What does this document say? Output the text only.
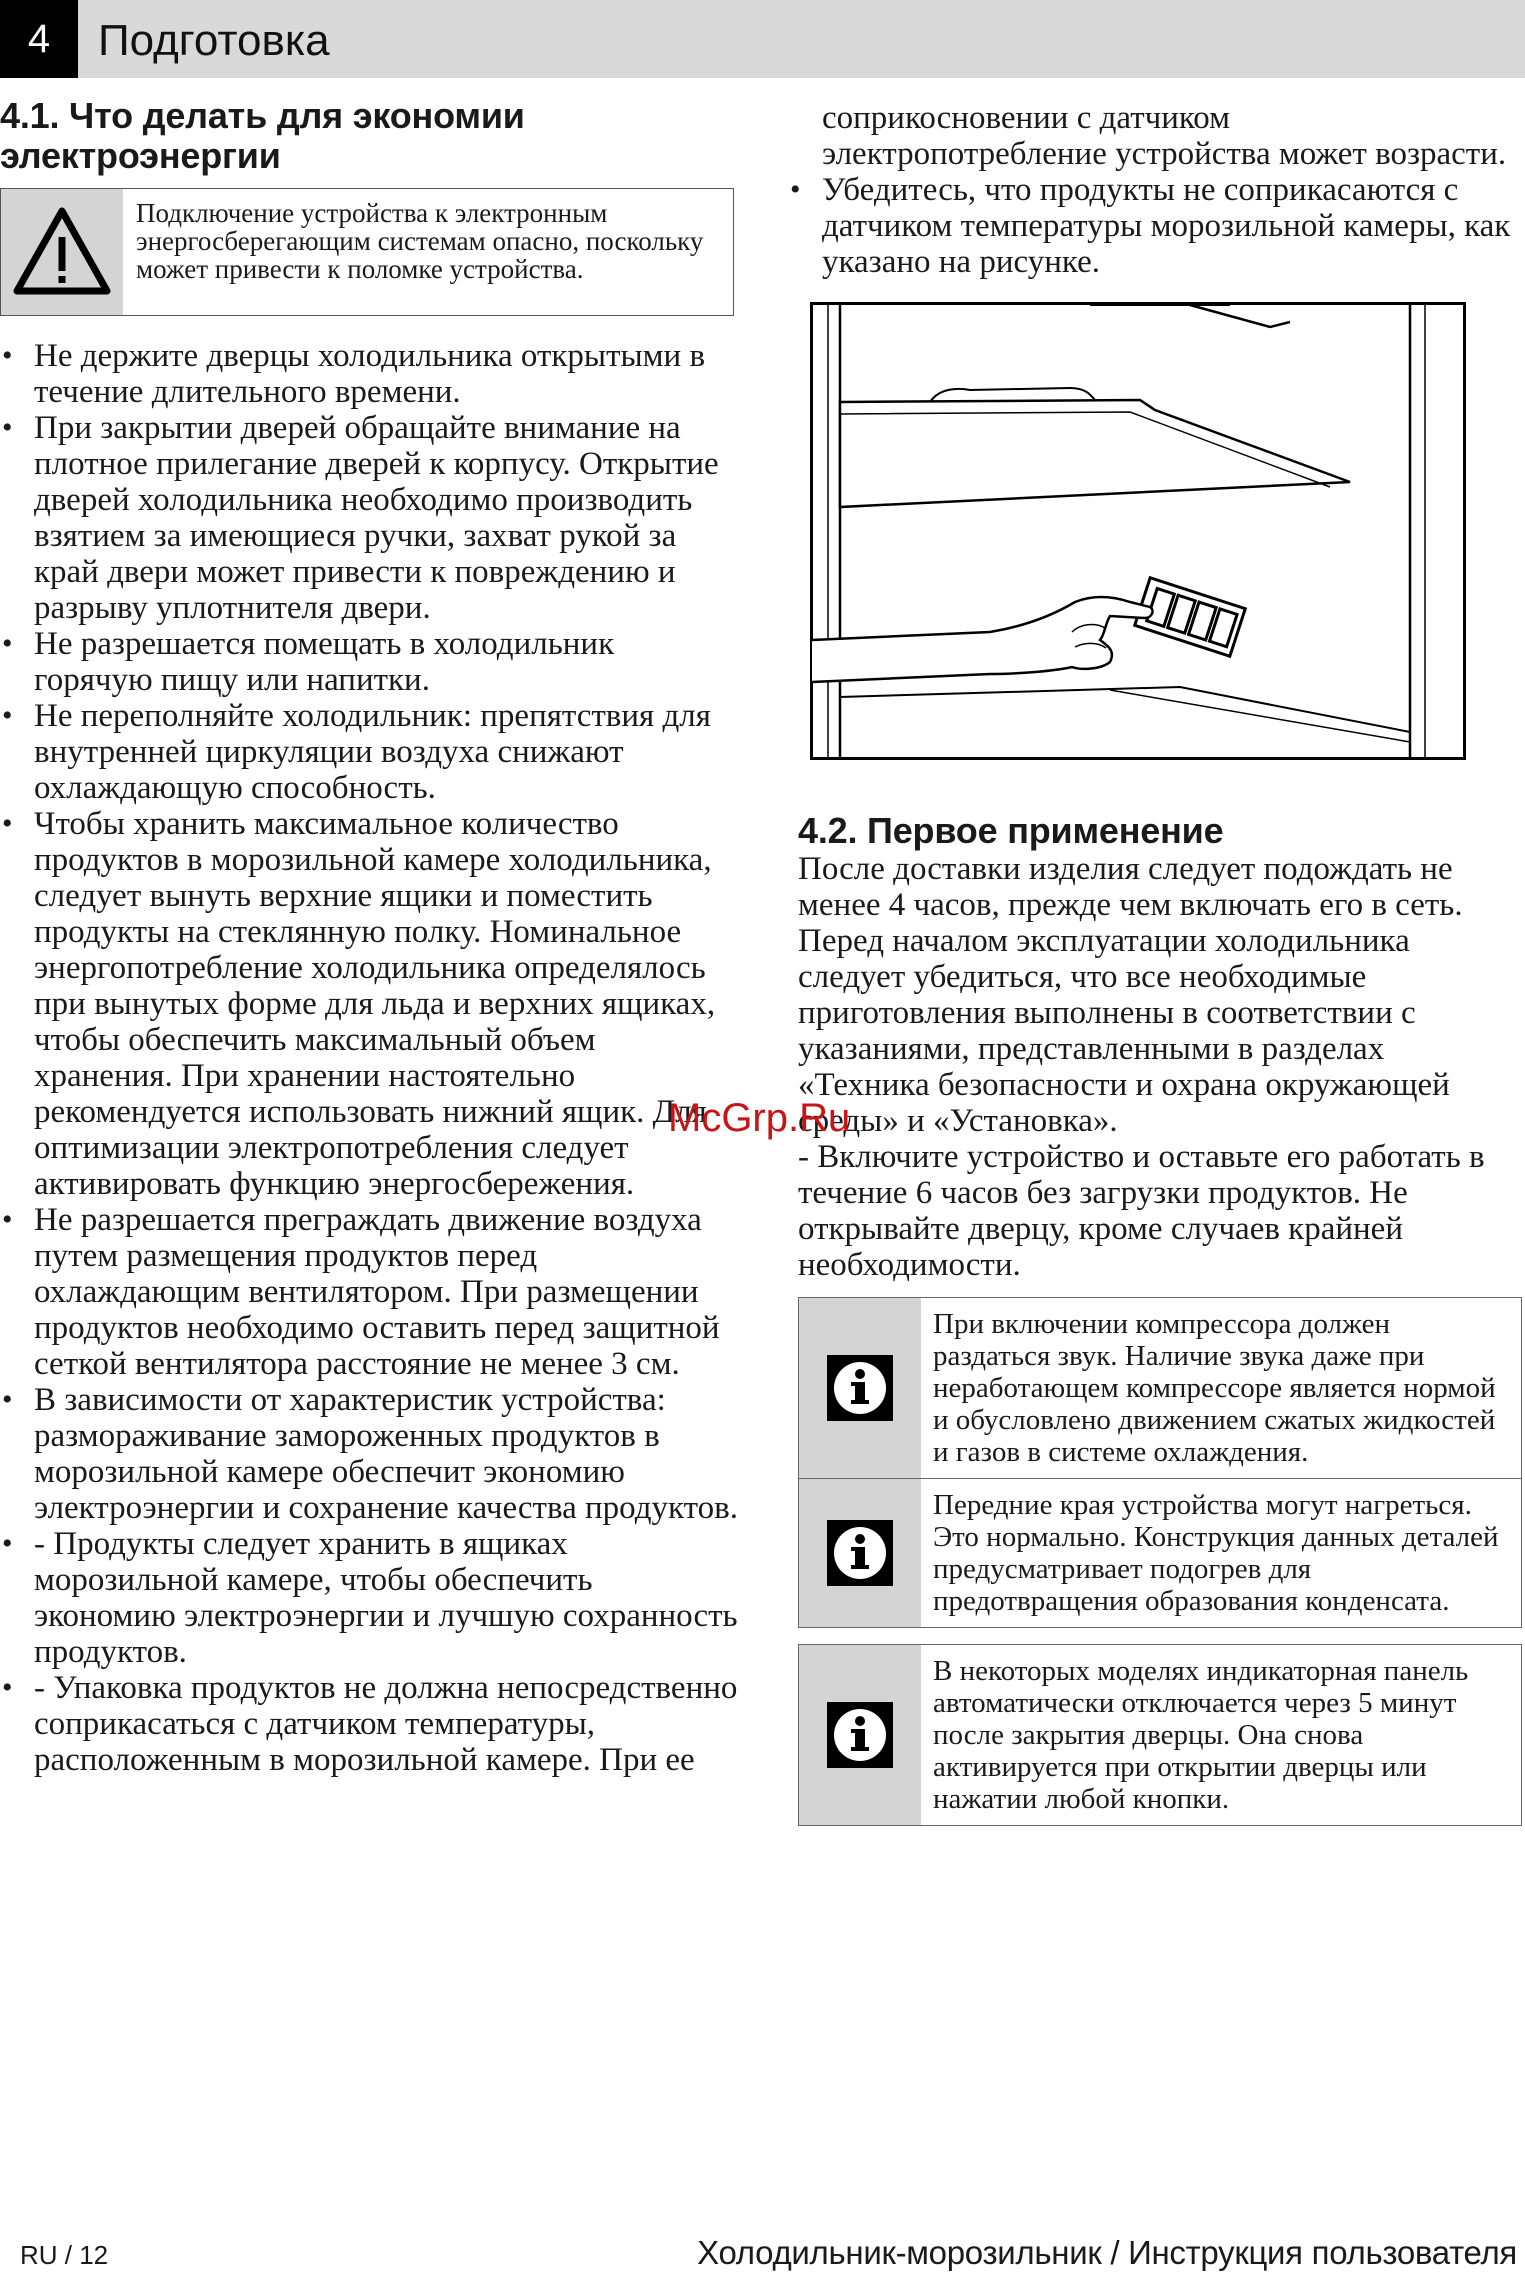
4	Подготовка
4.1. Что делать для экономии
электроэнергии
Подключение устройства к электронным энергосберегающим системам опасно, поскольку может привести к поломке устройства.
• Не держите дверцы холодильника открытыми в течение длительного времени.
• При закрытии дверей обращайте внимание на плотное прилегание дверей к корпусу. Открытие дверей холодильника необходимо производить взятием за имеющиеся ручки, захват рукой за край двери может привести к повреждению и разрыву уплотнителя двери.
• Не разрешается помещать в холодильник горячую пищу или напитки.
• Не переполняйте холодильник: препятствия для внутренней циркуляции воздуха снижают охлаждающую способность.
• Чтобы хранить максимальное количество продуктов в морозильной камере холодильника, следует вынуть верхние ящики и поместить продукты на стеклянную полку. Номинальное энергопотребление холодильника определялось при вынутых форме для льда и верхних ящиках, чтобы обеспечить максимальный объем хранения. При хранении настоятельно рекомендуется использовать нижний ящик. Для оптимизации электропотребления следует активировать функцию энергосбережения.
• Не разрешается преграждать движение воздуха путем размещения продуктов перед охлаждающим вентилятором. При размещении продуктов необходимо оставить перед защитной сеткой вентилятора расстояние не менее 3 см.
• В зависимости от характеристик устройства: размораживание замороженных продуктов в морозильной камере обеспечит экономию электроэнергии и сохранение качества продуктов.
• - Продукты следует хранить в ящиках морозильной камере, чтобы обеспечить экономию электроэнергии и лучшую сохранность продуктов.
• - Упаковка продуктов не должна непосредственно соприкасаться с датчиком температуры, расположенным в морозильной камере. При ее
соприкосновении с датчиком электропотребление устройства может возрасти.
• Убедитесь, что продукты не соприкасаются с датчиком температуры морозильной камеры, как указано на рисунке.
4.2. Первое применение
После доставки изделия следует подождать не менее 4 часов, прежде чем включать его в сеть.
Перед началом эксплуатации холодильника следует убедиться, что все необходимые приготовления выполнены в соответствии с указаниями, представленными в разделах «Техника безопасности и охрана окружающей среды» и «Установка».
- Включите устройство и оставьте его работать в течение 6 часов без загрузки продуктов. Не открывайте дверцу, кроме случаев крайней необходимости.
При включении компрессора должен раздаться звук. Наличие звука даже при неработающем компрессоре является нормой и обусловлено движением сжатых жидкостей и газов в системе охлаждения.
Передние края устройства могут нагреться. Это нормально. Конструкция данных деталей предусматривает подогрев для предотвращения образования конденсата.
В некоторых моделях индикаторная панель автоматически отключается через 5 минут после закрытия дверцы. Она снова активируется при открытии дверцы или нажатии любой кнопки.
McGrp.Ru
RU / 12	Холодильник-морозильник / Инструкция пользователя
